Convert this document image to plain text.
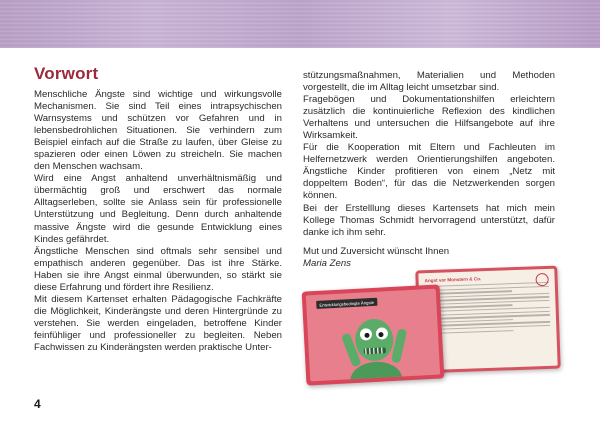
Vorwort

Menschliche Ängste sind wichtige und wirkungsvolle Mechanismen. Sie sind Teil eines intrapsychischen Warnsystems und schützen vor Gefahren und in lebensbedrohlichen Situationen. Sie verhindern zum Beispiel einfach auf die Straße zu laufen, über Gleise zu spazieren oder einen Löwen zu streicheln. Sie machen den Menschen wachsam.

Wird eine Angst anhaltend unverhältnismäßig und übermächtig groß und erschwert das normale Alltagserleben, sollte sie Anlass sein für professionelle Unterstützung und Begleitung. Denn durch anhaltende massive Ängste wird die gesunde Entwicklung eines Kindes gefährdet.

Ängstliche Menschen sind oftmals sehr sensibel und empathisch anderen gegenüber. Das ist ihre Stärke. Haben sie ihre Angst einmal überwunden, so stärkt sie diese Erfahrung und fördert ihre Resilienz.

Mit diesem Kartenset erhalten Pädagogische Fachkräfte die Möglichkeit, Kinderängste und deren Hintergründe zu verstehen. Sie werden eingeladen, betroffene Kinder feinfühliger und professioneller zu begleiten. Neben Fachwissen zu Kinderängsten werden praktische Unter-

stützungsmaßnahmen, Materialien und Methoden vorgestellt, die im Alltag leicht umsetzbar sind.

Fragebögen und Dokumentationshilfen erleichtern zusätzlich die kontinuierliche Reflexion des kindlichen Verhaltens und untersuchen die Hilfsangebote auf ihre Wirksamkeit.

Für die Kooperation mit Eltern und Fachleuten im Helfernetzwerk werden Orientierungshilfen angeboten. Ängstliche Kinder profitieren von einem „Netz mit doppeltem Boden“, für das die Netzwerkenden sorgen können.

Bei der Erstelllung dieses Kartensets hat mich mein Kollege Thomas Schmidt hervorragend unterstützt, dafür danke ich ihm sehr.

Mut und Zuversicht wünscht Ihnen

Maria Zens

Angst vor Monstern & Co.
Entwicklungsbedingte Ängste
4
